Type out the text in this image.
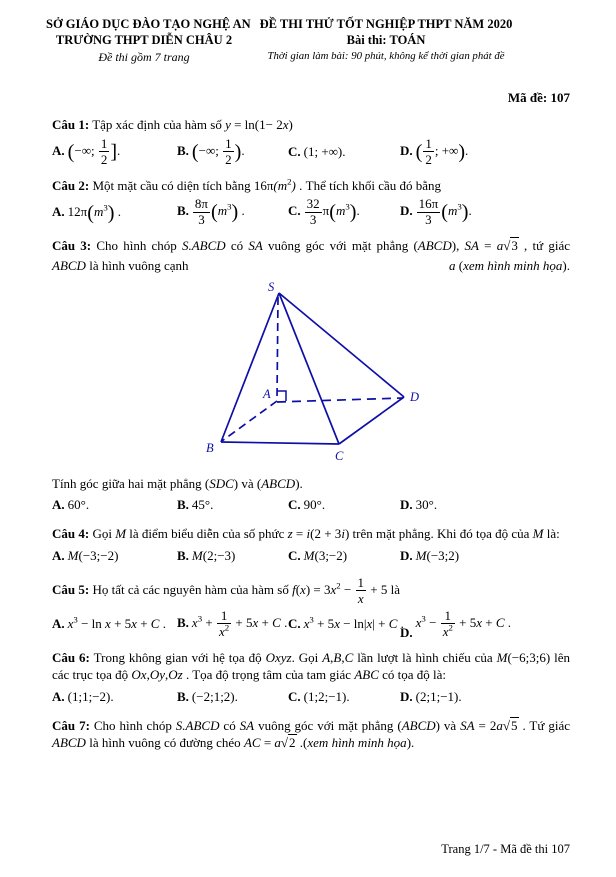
SỞ GIÁO DỤC ĐÀO TẠO NGHỆ AN
TRƯỜNG THPT DIỄN CHÂU 2
Đề thi gồm 7 trang
ĐỀ THI THỬ TỐT NGHIỆP THPT NĂM 2020
Bài thi: TOÁN
Thời gian làm bài: 90 phút, không kể thời gian phát đề
Mã đề: 107
Câu 1: Tập xác định của hàm số y = ln(1− 2x)
A. (−∞; $\frac{1}{2}$ ].	B. (−∞; $\frac{1}{2}$ ).	C. (1; +∞).	D. ( $\frac{1}{2}$ ; +∞).
Câu 2: Một mặt cầu có diện tích bằng $16\pi(m^2)$ . Thể tích khối cầu đó bằng
A. $12\pi(m^3)$ .	B. $\frac{8\pi}{3} (m^3)$ .	C. $\frac{32}{3} \pi(m^3)$.	D. $\frac{16\pi}{3} (m^3)$.
Câu 3: Cho hình chóp S.ABCD có SA vuông góc với mặt phẳng (ABCD), SA = a√3 , tứ giác
ABCD là hình vuông cạnh	a (xem hình minh họa).
S
A
B
C
D
Tính góc giữa hai mặt phẳng (SDC) và (ABCD).
A. 60°.	B. 45°.	C. 90°.	D. 30°.
Câu 4: Gọi M là điểm biểu diễn của số phức z = i(2 + 3i) trên mặt phẳng. Khi đó tọa độ của M là:
A. M(−3;−2)	B. M(2;−3)	C. M(3;−2)	D. M(−3;2)
Câu 5: Họ tất cả các nguyên hàm của hàm số $f(x) = 3x^2 - \frac{1}{x} + 5$ là
A. $x^3 - \ln x + 5x + C$ . B. $x^3 + \frac{1}{x^2} + 5x + C$ . C. $x^3 + 5x - \ln|x| + C$ .
$D.x^3 - \frac{1}{x^2} + 5x + C$ .
Câu 6: Trong không gian với hệ tọa độ Oxyz. Gọi A,B,C lần lượt là hình chiếu của M(−6;3;6) lên các trục tọa độ Ox,Oy,Oz . Tọa độ trọng tâm của tam giác ABC có tọa độ là:
A. (1;1;−2).	B. (−2;1;2).	C. (1;2;−1).	D. (2;1;−1).
Câu 7: Cho hình chóp S.ABCD có SA vuông góc với mặt phẳng (ABCD) và SA = 2a√5 . Tứ giác ABCD là hình vuông có đường chéo AC = a√2 .(xem hình minh họa).
Trang 1/7 - Mã đề thi 107
